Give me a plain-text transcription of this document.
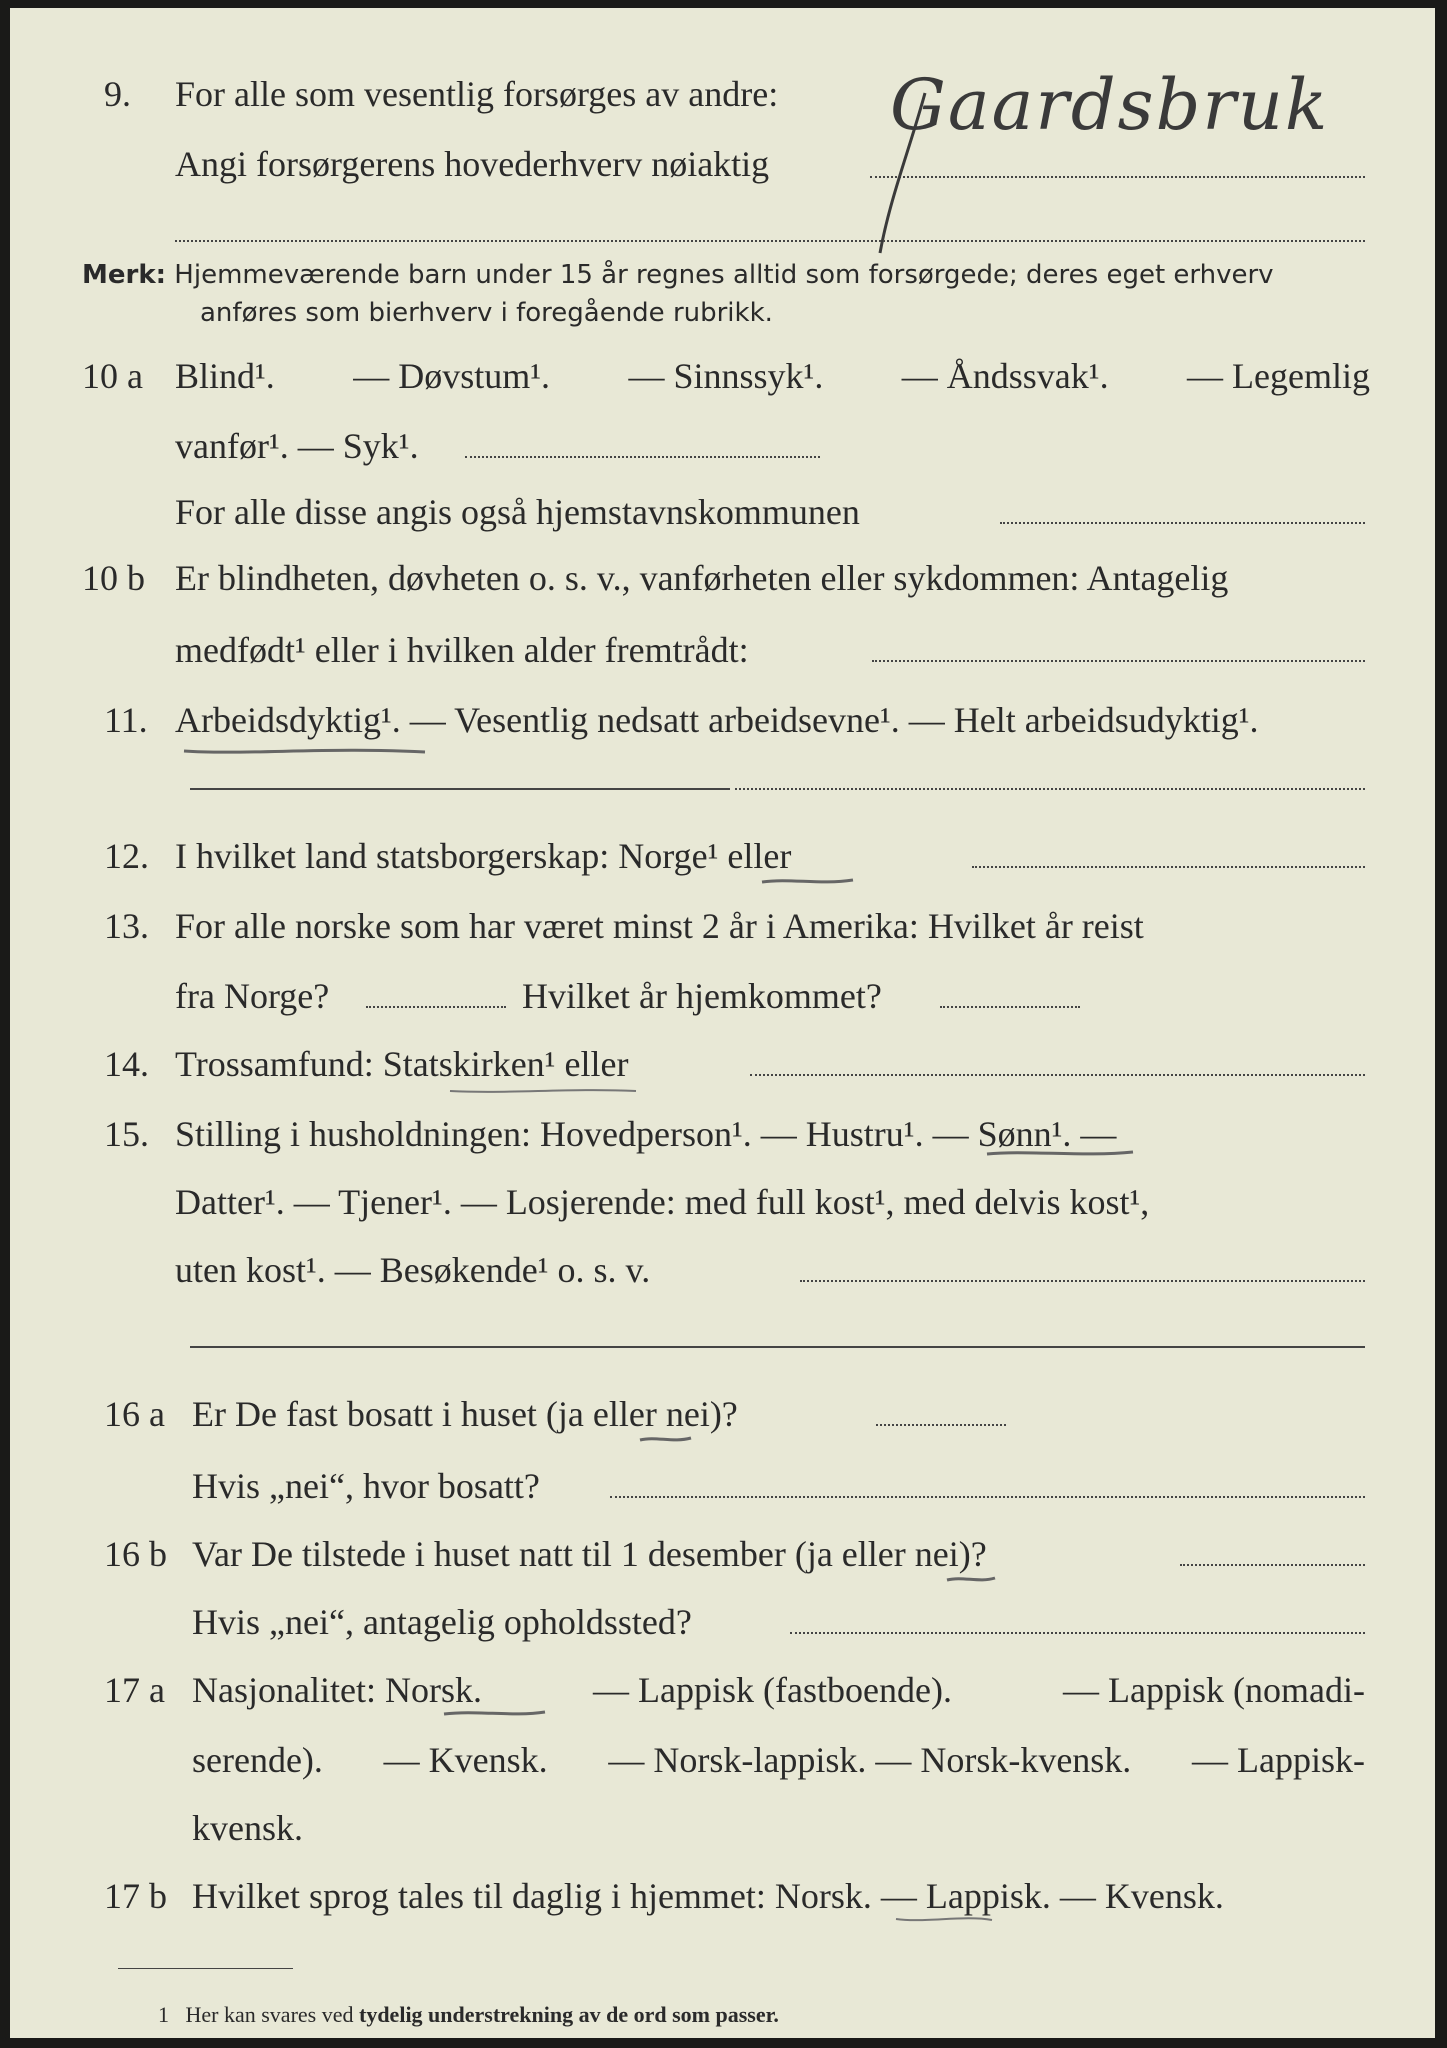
9. For alle som vesentlig forsørges av andre:
Angi forsørgerens hovederhverv nøiaktig
Gaardsbruk
Merk: Hjemmeværende barn under 15 år regnes alltid som forsørgede; deres eget erhverv
anføres som bierhverv i foregående rubrikk.
10 a Blind¹. — Døvstum¹. — Sinnssyk¹. — Åndssvak¹. — Legemlig
vanfør¹. — Syk¹.
For alle disse angis også hjemstavnskommunen
10 b Er blindheten, døvheten o. s. v., vanførheten eller sykdommen: Antagelig
medfødt¹ eller i hvilken alder fremtrådt:
11. Arbeidsdyktig¹. — Vesentlig nedsatt arbeidsevne¹. — Helt arbeidsudyktig¹.
12. I hvilket land statsborgerskap: Norge¹ eller
13. For alle norske som har været minst 2 år i Amerika: Hvilket år reist
fra Norge?	Hvilket år hjemkommet?
14. Trossamfund: Statskirken¹ eller
15. Stilling i husholdningen: Hovedperson¹. — Hustru¹. — Sønn¹. —
Datter¹. — Tjener¹. — Losjerende: med full kost¹, med delvis kost¹,
uten kost¹. — Besøkende¹ o. s. v.
16 a Er De fast bosatt i huset (ja eller nei)?
Hvis „nei“, hvor bosatt?
16 b Var De tilstede i huset natt til 1 desember (ja eller nei)?
Hvis „nei“, antagelig opholdssted?
17 a Nasjonalitet: Norsk.	— Lappisk (fastboende).	— Lappisk (nomadi-
serende). — Kvensk. — Norsk-lappisk. — Norsk-kvensk. — Lappisk-
kvensk.
17 b Hvilket sprog tales til daglig i hjemmet: Norsk. — Lappisk. — Kvensk.
1 Her kan svares ved tydelig understrekning av de ord som passer.
